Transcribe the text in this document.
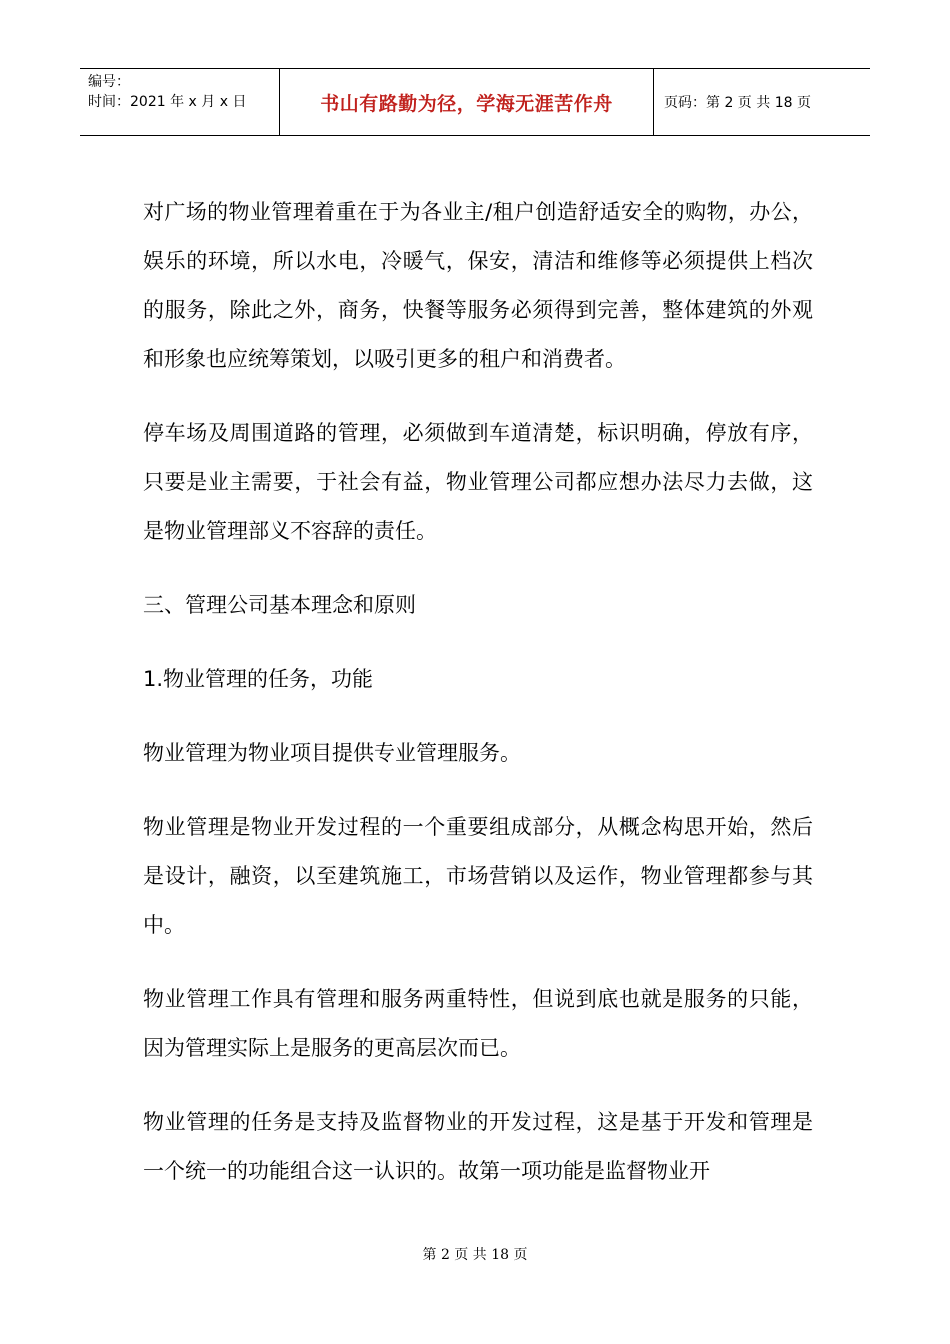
编号：
时间：2021 年 x 月 x 日	书山有路勤为径，学海无涯苦作舟	页码：第 2 页 共 18 页

对广场的物业管理着重在于为各业主/租户创造舒适安全的购物，办公，娱乐的环境，所以水电，冷暖气，保安，清洁和维修等必须提供上档次的服务，除此之外，商务，快餐等服务必须得到完善，整体建筑的外观和形象也应统筹策划，以吸引更多的租户和消费者。

停车场及周围道路的管理，必须做到车道清楚，标识明确，停放有序，只要是业主需要，于社会有益，物业管理公司都应想办法尽力去做，这是物业管理部义不容辞的责任。

三、管理公司基本理念和原则

1.物业管理的任务，功能

物业管理为物业项目提供专业管理服务。

物业管理是物业开发过程的一个重要组成部分，从概念构思开始，然后是设计，融资，以至建筑施工，市场营销以及运作，物业管理都参与其中。

物业管理工作具有管理和服务两重特性，但说到底也就是服务的只能，因为管理实际上是服务的更高层次而已。

物业管理的任务是支持及监督物业的开发过程，这是基于开发和管理是一个统一的功能组合这一认识的。故第一项功能是监督物业开

第 2 页 共 18 页
